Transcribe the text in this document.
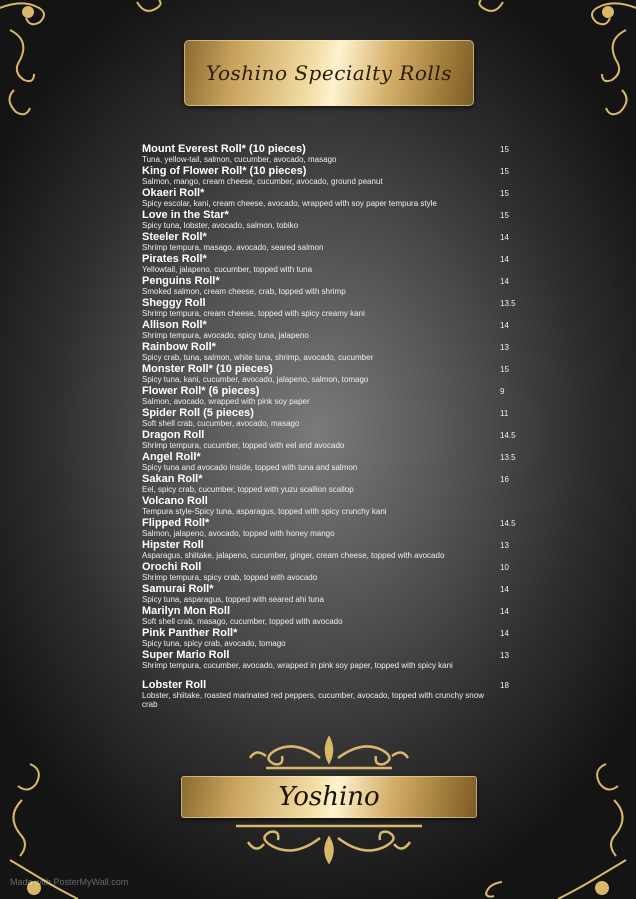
Yoshino Specialty Rolls
Mount Everest Roll* (10 pieces)
Tuna, yellow-tail, salmon, cucumber, avocado, masago
15
King of Flower Roll* (10 pieces)
Salmon, mango, cream cheese, cucumber, avocado, ground peanut
15
Okaeri Roll*
Spicy escolar, kani, cream cheese, avocado, wrapped with soy paper tempura style
15
Love in the Star*
Spicy tuna, lobster, avocado, salmon, tobiko
15
Steeler Roll*
Shrimp tempura, masago, avocado, seared salmon
14
Pirates Roll*
Yellowtail, jalapeno, cucumber, topped with tuna
14
Penguins Roll*
Smoked salmon, cream cheese, crab, topped with shrimp
14
Sheggy Roll
Shrimp tempura, cream cheese, topped with spicy creamy kani
13.5
Allison Roll*
Shrimp tempura, avocado, spicy tuna, jalapeno
14
Rainbow Roll*
Spicy crab, tuna, salmon, white tuna, shrimp, avocado, cucumber
13
Monster Roll* (10 pieces)
Spicy tuna, kani, cucumber, avocado, jalapeno, salmon, tomago
15
Flower Roll* (6 pieces)
Salmon, avocado, wrapped with pink soy paper
9
Spider Roll (5 pieces)
Soft shell crab, cucumber, avocado, masago
11
Dragon Roll
Shrimp tempura, cucumber, topped with eel and avocado
14.5
Angel Roll*
Spicy tuna and avocado inside, topped with tuna and salmon
13.5
Sakan Roll*
Eel, spicy crab, cucumber, topped with yuzu scallion scallop
16
Volcano Roll
Tempura style-Spicy tuna, asparagus, topped with spicy crunchy kani
Flipped Roll*
Salmon, jalapeno, avocado, topped with honey mango
14.5
Hipster Roll
Asparagus, shiitake, jalapeno, cucumber, ginger, cream cheese, topped with avocado
13
Orochi Roll
Shrimp tempura, spicy crab, topped with avocado
10
Samurai Roll*
Spicy tuna, asparagus, topped with seared ahi tuna
14
Marilyn Mon Roll
Soft shell crab, masago, cucumber, topped with avocado
14
Pink Panther Roll*
Spicy tuna, spicy crab, avocado, tomago
14
Super Mario Roll
Shrimp tempura, cucumber, avocado, wrapped in pink soy paper, topped with spicy kani
13
Lobster Roll
Lobster, shiitake, roasted marinated red peppers, cucumber, avocado, topped with crunchy snow crab
18
Yoshino
Made with PosterMyWall.com
